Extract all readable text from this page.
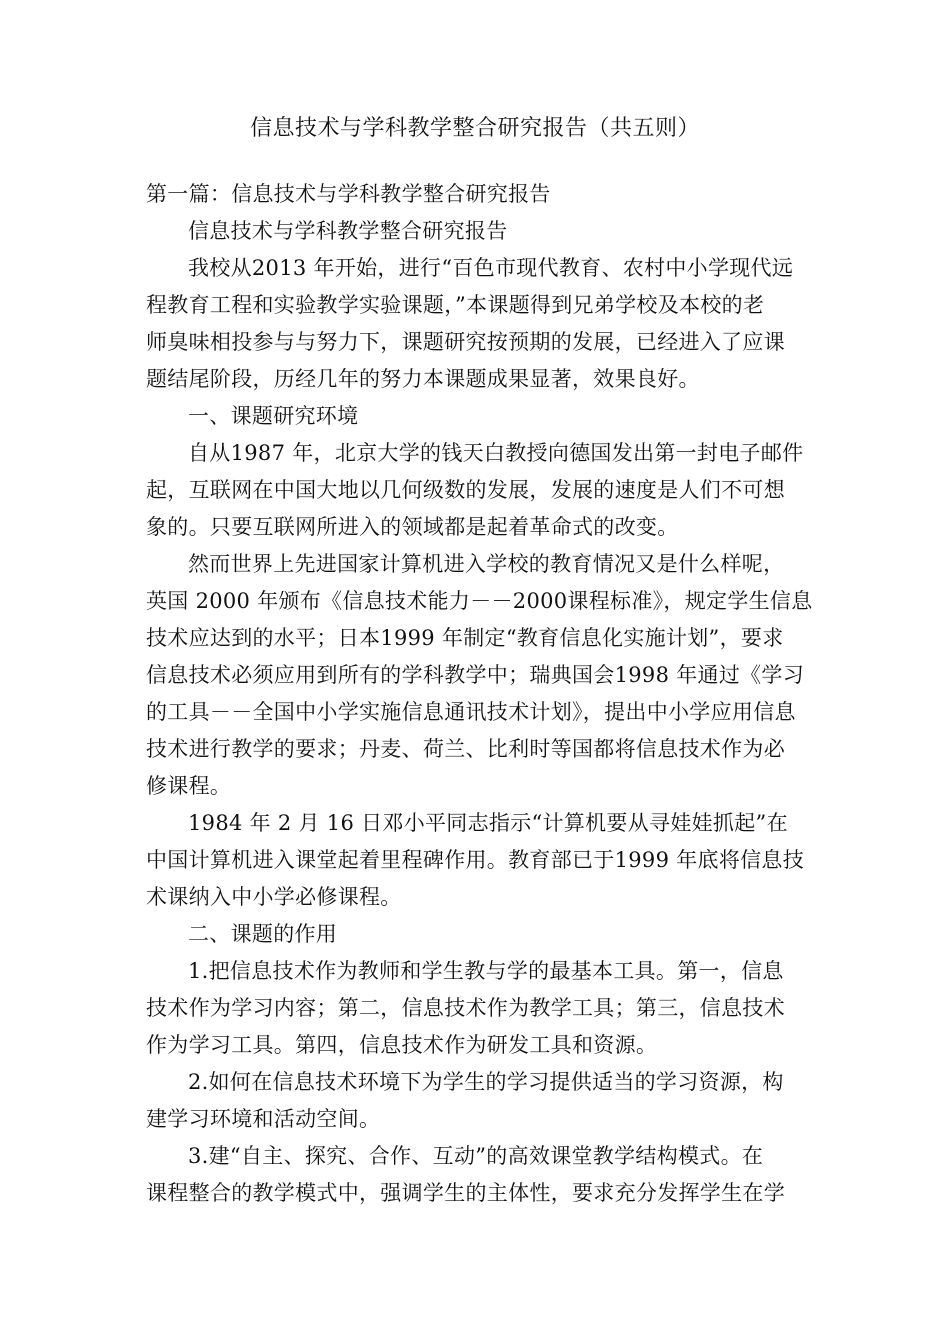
信息技术与学科教学整合研究报告（共五则）
第一篇：信息技术与学科教学整合研究报告
信息技术与学科教学整合研究报告
我校从2013 年开始，进行“百色市现代教育、农村中小学现代远
程教育工程和实验教学实验课题，”本课题得到兄弟学校及本校的老
师臭味相投参与与努力下，课题研究按预期的发展，已经进入了应课
题结尾阶段，历经几年的努力本课题成果显著，效果良好。
一、课题研究环境
自从1987 年，北京大学的钱天白教授向德国发出第一封电子邮件
起，互联网在中国大地以几何级数的发展，发展的速度是人们不可想
象的。只要互联网所进入的领域都是起着革命式的改变。
然而世界上先进国家计算机进入学校的教育情况又是什么样呢，
英国 2000 年颁布《信息技术能力－－2000课程标准》，规定学生信息
技术应达到的水平；日本1999 年制定“教育信息化实施计划”，要求
信息技术必须应用到所有的学科教学中；瑞典国会1998 年通过《学习
的工具－－全国中小学实施信息通讯技术计划》，提出中小学应用信息
技术进行教学的要求；丹麦、荷兰、比利时等国都将信息技术作为必
修课程。
1984 年 2 月 16 日邓小平同志指示“计算机要从寻娃娃抓起”在
中国计算机进入课堂起着里程碑作用。教育部已于1999 年底将信息技
术课纳入中小学必修课程。
二、课题的作用
1.把信息技术作为教师和学生教与学的最基本工具。第一，信息
技术作为学习内容；第二，信息技术作为教学工具；第三，信息技术
作为学习工具。第四，信息技术作为研发工具和资源。
2.如何在信息技术环境下为学生的学习提供适当的学习资源，构
建学习环境和活动空间。
3.建“自主、探究、合作、互动”的高效课堂教学结构模式。在
课程整合的教学模式中，强调学生的主体性，要求充分发挥学生在学
